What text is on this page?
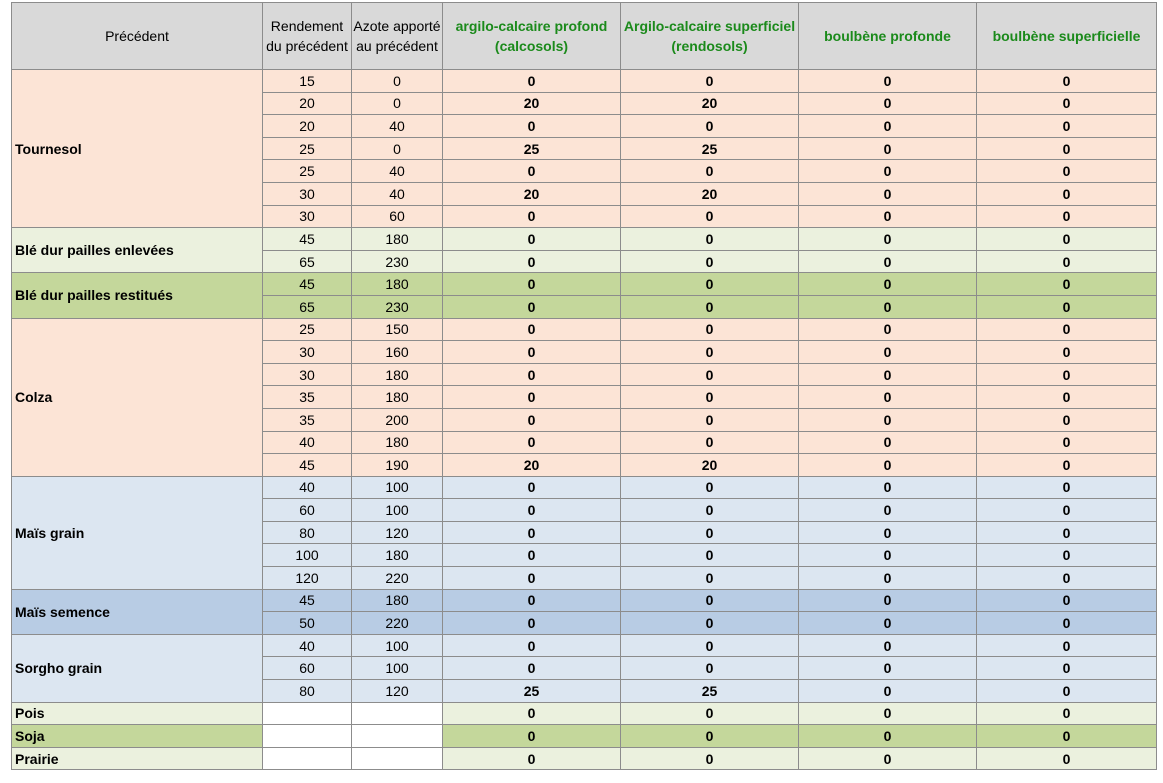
Précédent	Rendement du précédent	Azote apporté au précédent	argilo-calcaire profond (calcosols)	Argilo-calcaire superficiel (rendosols)	boulbène profonde	boulbène superficielle
Tournesol	15	0	0	0	0	0
	20	0	20	20	0	0
	20	40	0	0	0	0
	25	0	25	25	0	0
	25	40	0	0	0	0
	30	40	20	20	0	0
	30	60	0	0	0	0
Blé dur pailles enlevées	45	180	0	0	0	0
	65	230	0	0	0	0
Blé dur pailles restitués	45	180	0	0	0	0
	65	230	0	0	0	0
Colza	25	150	0	0	0	0
	30	160	0	0	0	0
	30	180	0	0	0	0
	35	180	0	0	0	0
	35	200	0	0	0	0
	40	180	0	0	0	0
	45	190	20	20	0	0
Maïs grain	40	100	0	0	0	0
	60	100	0	0	0	0
	80	120	0	0	0	0
	100	180	0	0	0	0
	120	220	0	0	0	0
Maïs semence	45	180	0	0	0	0
	50	220	0	0	0	0
Sorgho grain	40	100	0	0	0	0
	60	100	0	0	0	0
	80	120	25	25	0	0
Pois			0	0	0	0
Soja			0	0	0	0
Prairie			0	0	0	0
